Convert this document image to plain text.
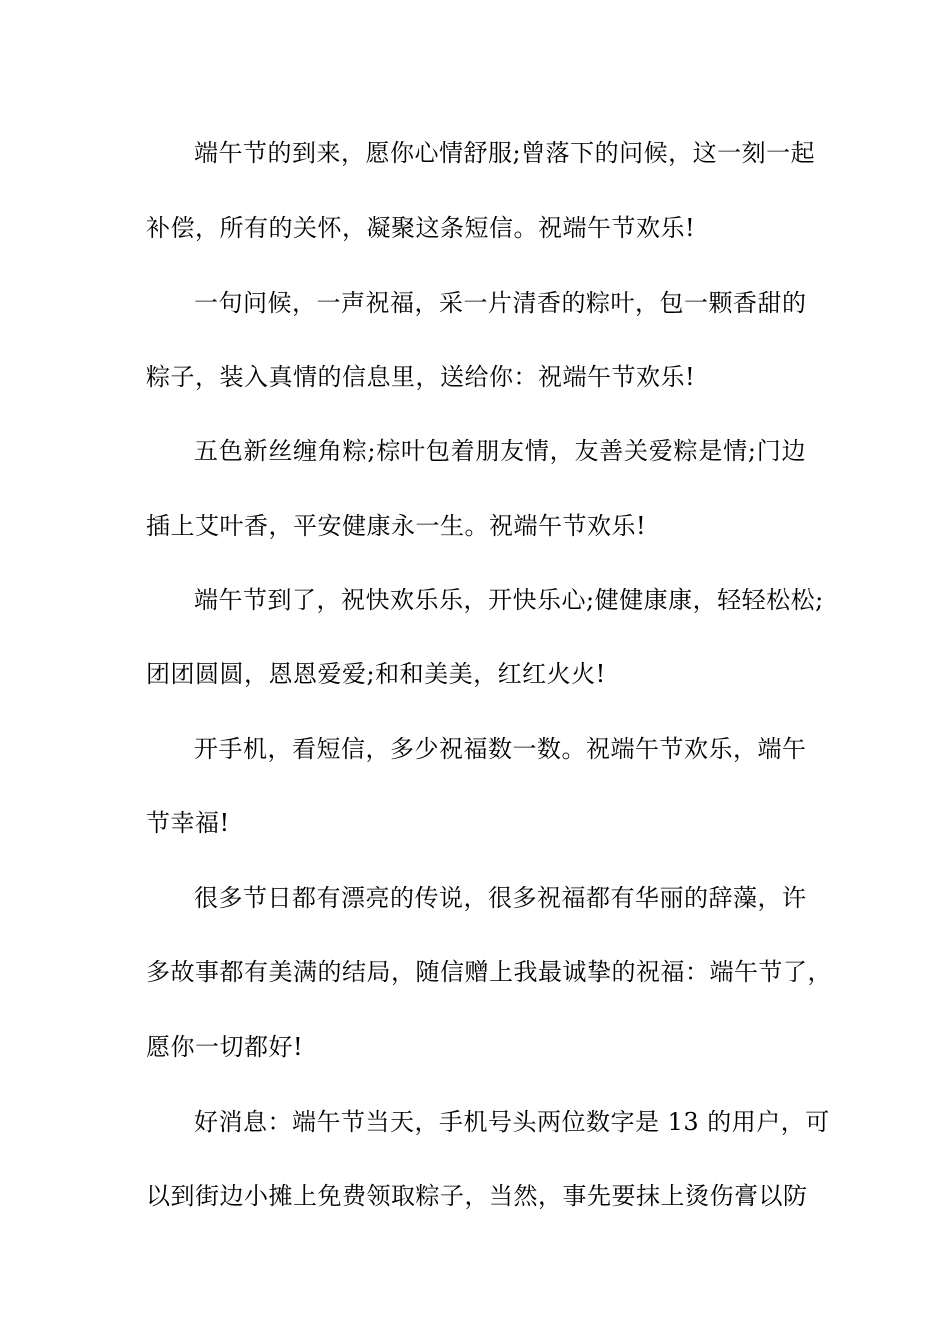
端午节的到来，愿你心情舒服;曾落下的问候，这一刻一起
补偿，所有的关怀，凝聚这条短信。祝端午节欢乐!
一句问候，一声祝福，采一片清香的粽叶，包一颗香甜的
粽子，装入真情的信息里，送给你：祝端午节欢乐!
五色新丝缠角粽;棕叶包着朋友情，友善关爱粽是情;门边
插上艾叶香，平安健康永一生。祝端午节欢乐!
端午节到了，祝快欢乐乐，开快乐心;健健康康，轻轻松松;
团团圆圆，恩恩爱爱;和和美美，红红火火!
开手机，看短信，多少祝福数一数。祝端午节欢乐，端午
节幸福!
很多节日都有漂亮的传说，很多祝福都有华丽的辞藻，许
多故事都有美满的结局，随信赠上我最诚挚的祝福：端午节了，
愿你一切都好!
好消息：端午节当天，手机号头两位数字是 13 的用户，可
以到街边小摊上免费领取粽子，当然，事先要抹上烫伤膏以防
